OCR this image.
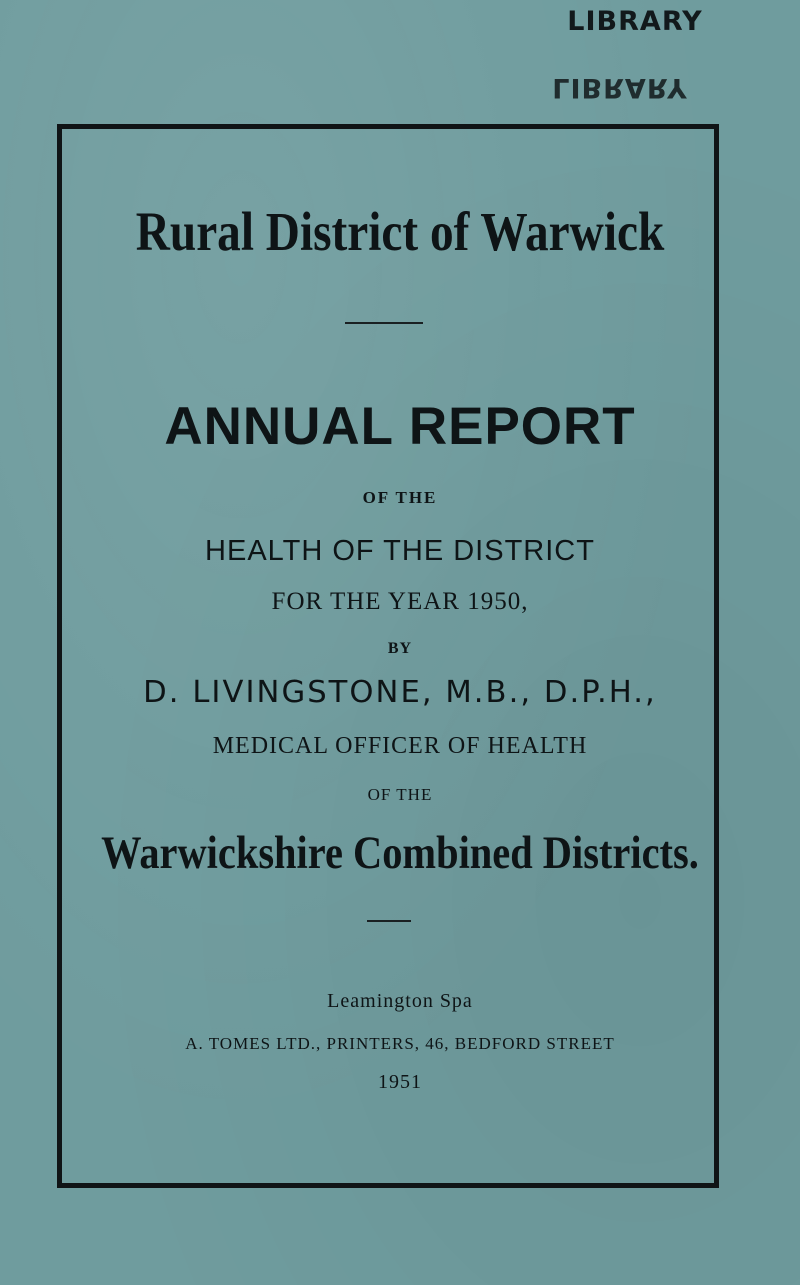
LIBRARY
LIBRARY
Rural District of Warwick
ANNUAL REPORT
OF THE
HEALTH OF THE DISTRICT
FOR THE YEAR 1950,
BY
D. LIVINGSTONE, M.B., D.P.H.,
MEDICAL OFFICER OF HEALTH
OF THE
Warwickshire Combined Districts.
Leamington Spa
A. TOMES LTD., PRINTERS, 46, BEDFORD STREET
1951
